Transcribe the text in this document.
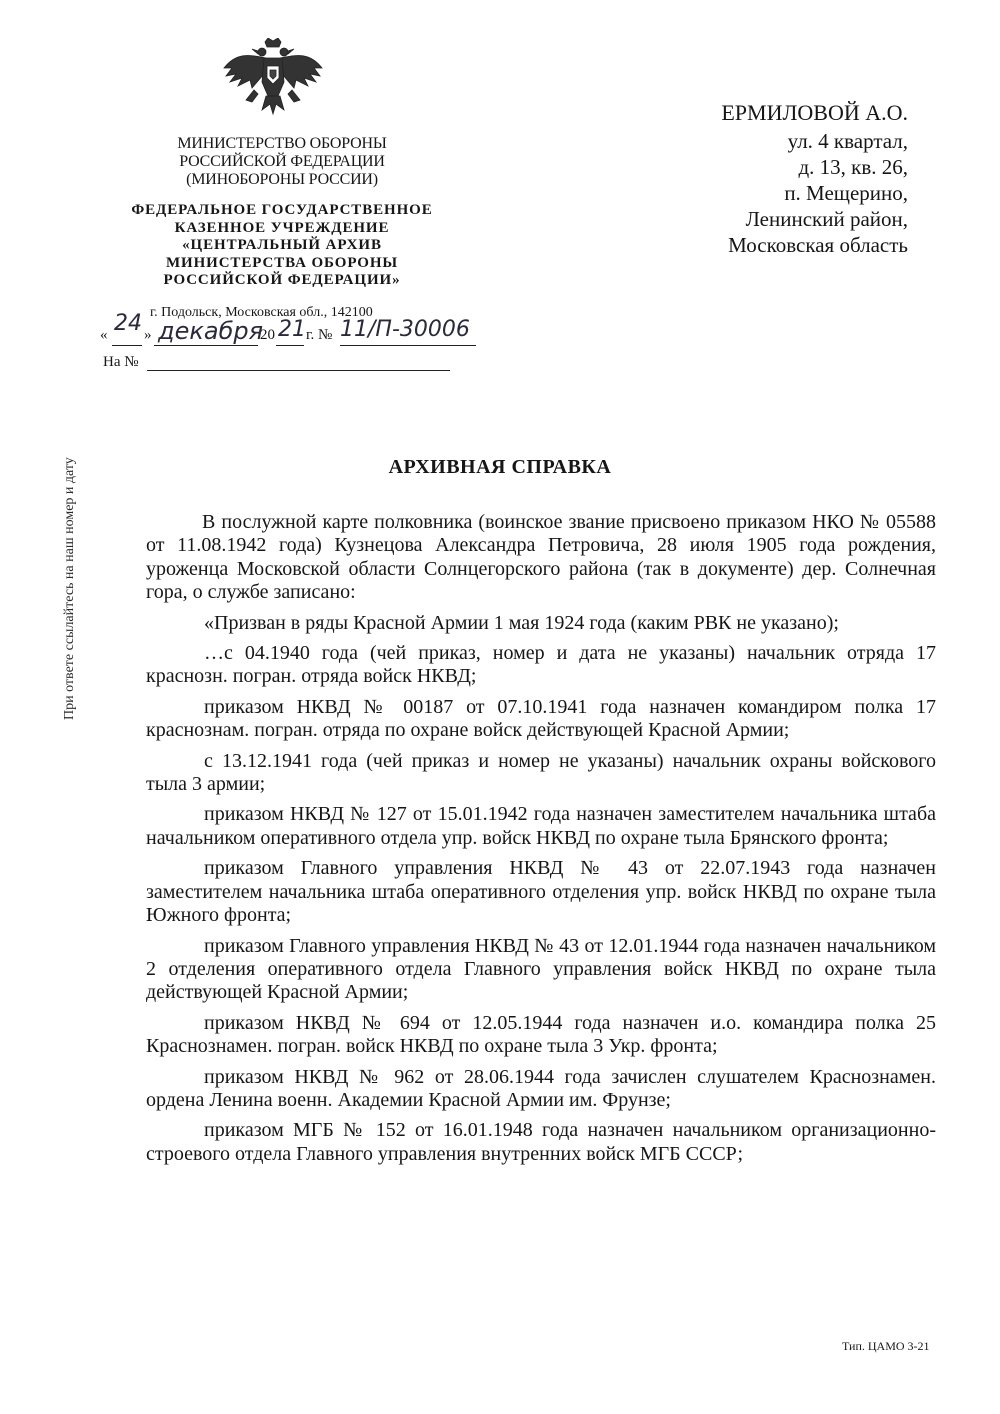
МИНИСТЕРСТВО ОБОРОНЫ
РОССИЙСКОЙ ФЕДЕРАЦИИ
(МИНОБОРОНЫ РОССИИ)
ФЕДЕРАЛЬНОЕ ГОСУДАРСТВЕННОЕ
КАЗЕННОЕ УЧРЕЖДЕНИЕ
«ЦЕНТРАЛЬНЫЙ АРХИВ
МИНИСТЕРСТВА ОБОРОНЫ
РОССИЙСКОЙ ФЕДЕРАЦИИ»
г. Подольск, Московская обл., 142100
« 24 » декабря
20 21 г. № 11/П-30006
На №
ЕРМИЛОВОЙ А.О.
ул. 4 квартал,
д. 13, кв. 26,
п. Мещерино,
Ленинский район,
Московская область
При ответе ссылайтесь на наш номер и дату	АРХИВНАЯ СПРАВКА

В послужной карте полковника (воинское звание присвоено приказом НКО № 05588 от 11.08.1942 года) Кузнецова Александра Петровича, 28 июля 1905 года рождения, уроженца Московской области Солнцегорского района (так в документе) дер. Солнечная гора, о службе записано:

«Призван в ряды Красной Армии 1 мая 1924 года (каким РВК не указано);

…с 04.1940 года (чей приказ, номер и дата не указаны) начальник отряда 17 краснозн. погран. отряда войск НКВД;

приказом НКВД № 00187 от 07.10.1941 года назначен командиром полка 17 краснознам. погран. отряда по охране войск действующей Красной Армии;

с 13.12.1941 года (чей приказ и номер не указаны) начальник охраны войскового тыла 3 армии;

приказом НКВД № 127 от 15.01.1942 года назначен заместителем начальника штаба начальником оперативного отдела упр. войск НКВД по охране тыла Брянского фронта;

приказом Главного управления НКВД № 43 от 22.07.1943 года назначен заместителем начальника штаба оперативного отделения упр. войск НКВД по охране тыла Южного фронта;

приказом Главного управления НКВД № 43 от 12.01.1944 года назначен начальником 2 отделения оперативного отдела Главного управления войск НКВД по охране тыла действующей Красной Армии;

приказом НКВД № 694 от 12.05.1944 года назначен и.о. командира полка 25 Краснознамен. погран. войск НКВД по охране тыла 3 Укр. фронта;

приказом НКВД № 962 от 28.06.1944 года зачислен слушателем Краснознамен. ордена Ленина военн. Академии Красной Армии им. Фрунзе;

приказом МГБ № 152 от 16.01.1948 года назначен начальником организационно-строевого отдела Главного управления внутренних войск МГБ СССР;

Тип. ЦАМО 3-21
